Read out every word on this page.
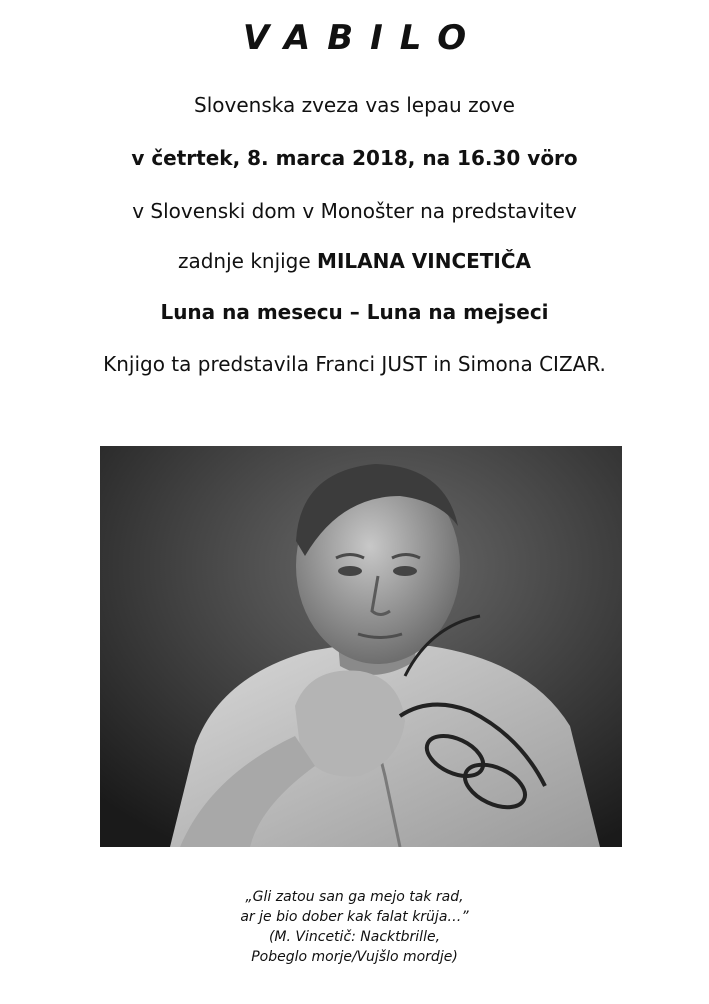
VABILO
Slovenska zveza vas lepau zove
v četrtek, 8. marca 2018, na 16.30 vöro
v Slovenski dom v Monošter na predstavitev
zadnje knjige MILANA VINCETIČA
Luna na mesecu – Luna na mejseci
Knjigo ta predstavila Franci JUST in Simona CIZAR.
„Gli zatou san ga mejo tak rad,
ar je bio dober kak falat krüja…”
(M. Vincetič: Nacktbrille,
Pobeglo morje/Vujšlo mordje)
